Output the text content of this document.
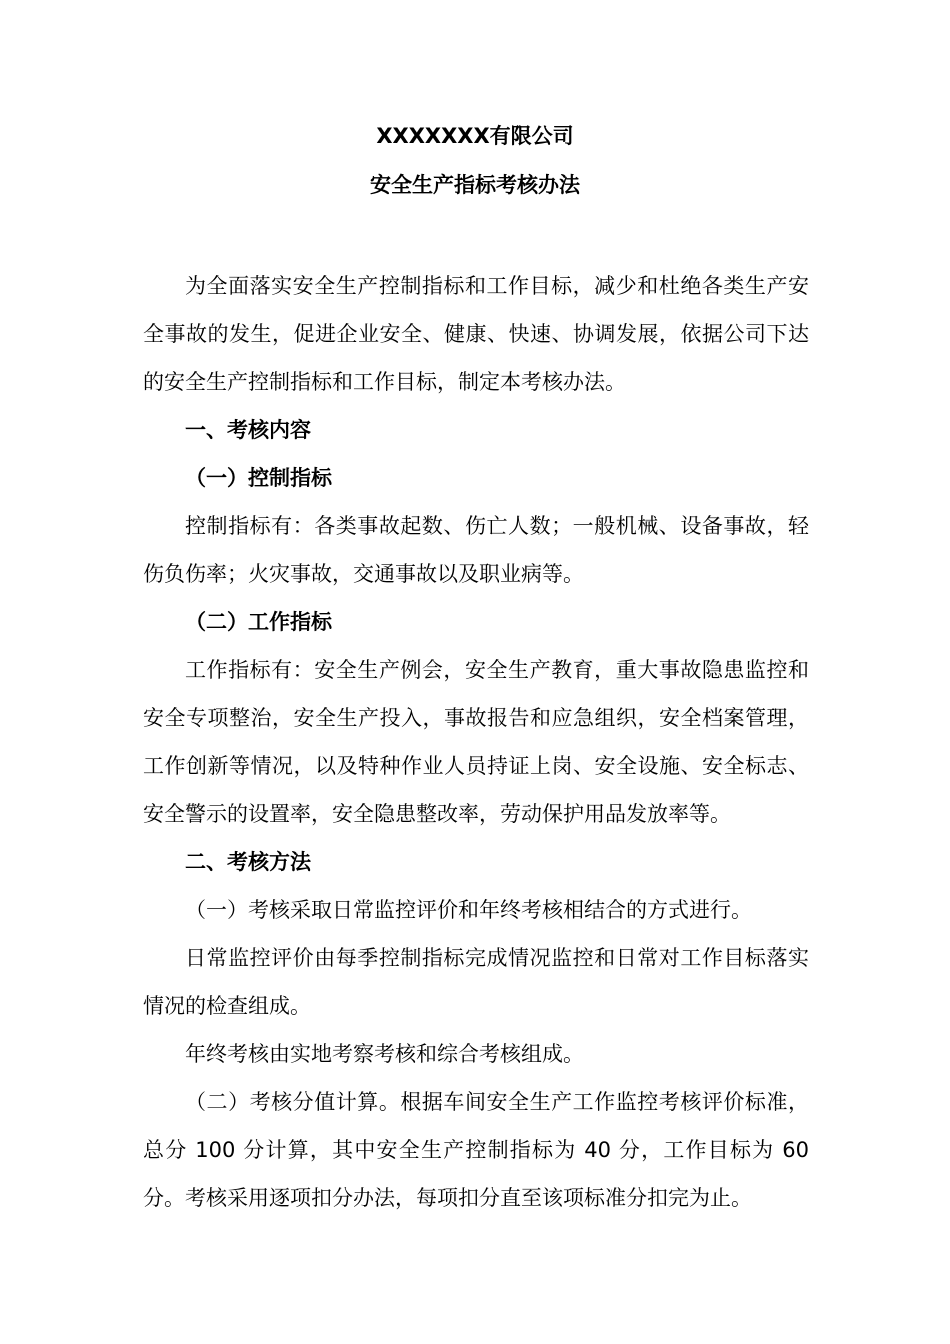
XXXXXXX有限公司
安全生产指标考核办法

为全面落实安全生产控制指标和工作目标，减少和杜绝各类生产安全事故的发生，促进企业安全、健康、快速、协调发展，依据公司下达的安全生产控制指标和工作目标，制定本考核办法。

一、考核内容
（一）控制指标

控制指标有：各类事故起数、伤亡人数；一般机械、设备事故，轻伤负伤率；火灾事故，交通事故以及职业病等。

（二）工作指标

工作指标有：安全生产例会，安全生产教育，重大事故隐患监控和安全专项整治，安全生产投入，事故报告和应急组织，安全档案管理，工作创新等情况，以及特种作业人员持证上岗、安全设施、安全标志、安全警示的设置率，安全隐患整改率，劳动保护用品发放率等。

二、考核方法

（一）考核采取日常监控评价和年终考核相结合的方式进行。

日常监控评价由每季控制指标完成情况监控和日常对工作目标落实情况的检查组成。

年终考核由实地考察考核和综合考核组成。

（二）考核分值计算。根据车间安全生产工作监控考核评价标准，总分 100 分计算，其中安全生产控制指标为 40 分，工作目标为 60 分。考核采用逐项扣分办法，每项扣分直至该项标准分扣完为止。
